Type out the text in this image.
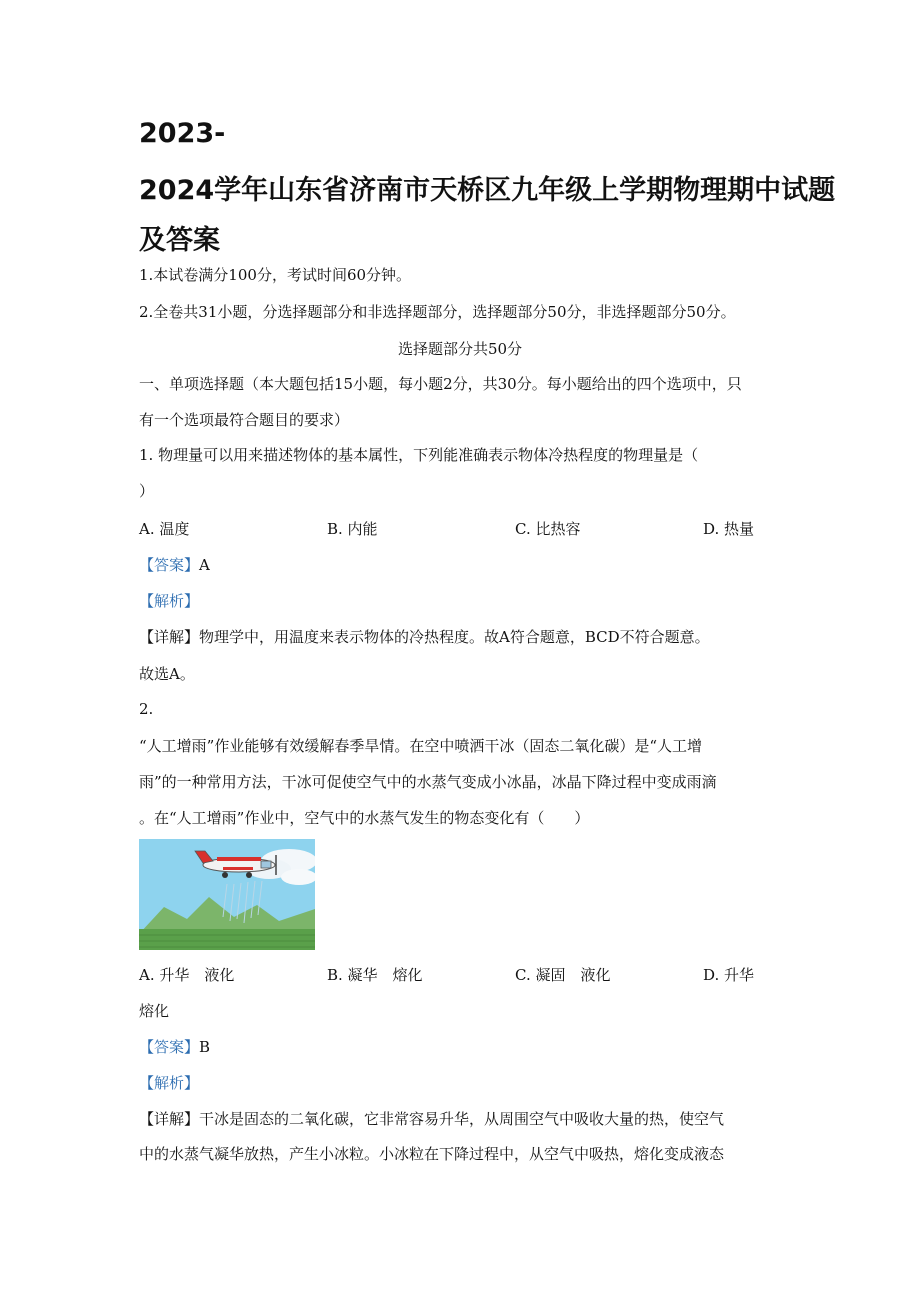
2023-
2024学年山东省济南市天桥区九年级上学期物理期中试题
及答案
1.本试卷满分100分，考试时间60分钟。
2.全卷共31小题，分选择题部分和非选择题部分，选择题部分50分，非选择题部分50分。
选择题部分共50分
一、单项选择题（本大题包括15小题，每小题2分，共30分。每小题给出的四个选项中，只
有一个选项最符合题目的要求）
1. 物理量可以用来描述物体的基本属性，下列能准确表示物体冷热程度的物理量是（
）
A. 温度	B. 内能	C. 比热容	D. 热量
【答案】A
【解析】
【详解】物理学中，用温度来表示物体的冷热程度。故A符合题意，BCD不符合题意。
故选A。
2.
“人工增雨”作业能够有效缓解春季旱情。在空中喷洒干冰（固态二氧化碳）是“人工增
雨”的一种常用方法，干冰可促使空气中的水蒸气变成小冰晶，冰晶下降过程中变成雨滴
。在“人工增雨”作业中，空气中的水蒸气发生的物态变化有（　　）
A. 升华　液化	B. 凝华　熔化	C. 凝固　液化	D. 升华
熔化
【答案】B
【解析】
【详解】干冰是固态的二氧化碳，它非常容易升华，从周围空气中吸收大量的热，使空气
中的水蒸气凝华放热，产生小冰粒。小冰粒在下降过程中，从空气中吸热，熔化变成液态
